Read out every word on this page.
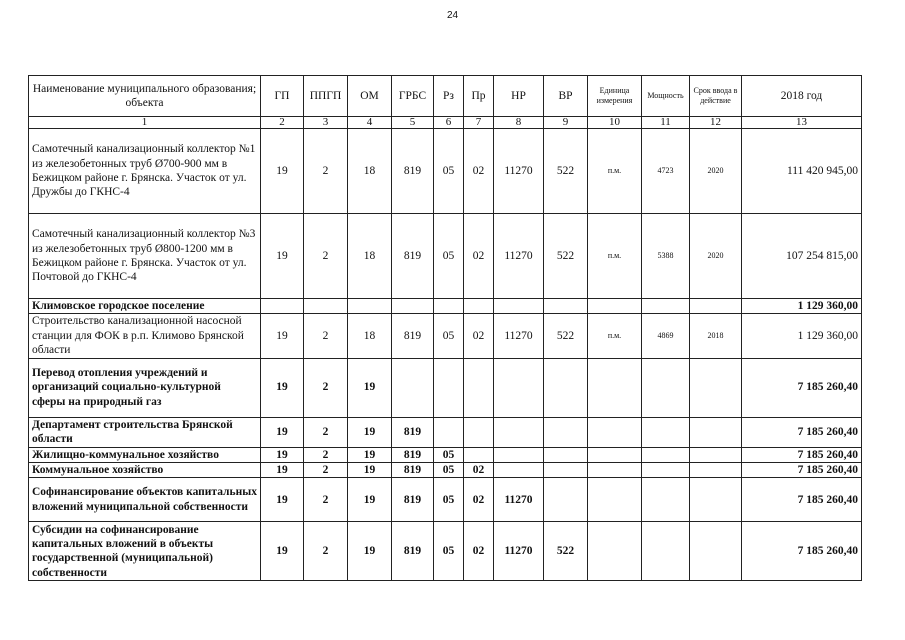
24
Наименование муниципального образования; объекта	ГП	ППГП	ОМ	ГРБС	Рз	Пр	НР	ВР	Единица измерения	Мощность	Срок ввода в действие	2018 год
1	2	3	4	5	6	7	8	9	10	11	12	13
Самотечный канализационный коллектор №1 из железобетонных труб Ø700-900 мм в Бежицком районе г. Брянска. Участок от ул. Дружбы до ГКНС-4	19	2	18	819	05	02	11270	522	п.м.	4723	2020	111 420 945,00
Самотечный канализационный коллектор №3 из железобетонных труб Ø800-1200 мм в Бежицком районе г. Брянска. Участок от ул. Почтовой до ГКНС-4	19	2	18	819	05	02	11270	522	п.м.	5388	2020	107 254 815,00
Климовское городское поселение												1 129 360,00
Строительство канализационной насосной станции для ФОК в р.п. Климово Брянской области	19	2	18	819	05	02	11270	522	п.м.	4869	2018	1 129 360,00
Перевод отопления учреждений и организаций социально-культурной сферы на природный газ	19	2	19									7 185 260,40
Департамент строительства Брянской области	19	2	19	819								7 185 260,40
Жилищно-коммунальное хозяйство	19	2	19	819	05							7 185 260,40
Коммунальное хозяйство	19	2	19	819	05	02						7 185 260,40
Софинансирование объектов капитальных вложений муниципальной собственности	19	2	19	819	05	02	11270					7 185 260,40
Субсидии на софинансирование капитальных вложений в объекты государственной (муниципальной) собственности	19	2	19	819	05	02	11270	522				7 185 260,40
